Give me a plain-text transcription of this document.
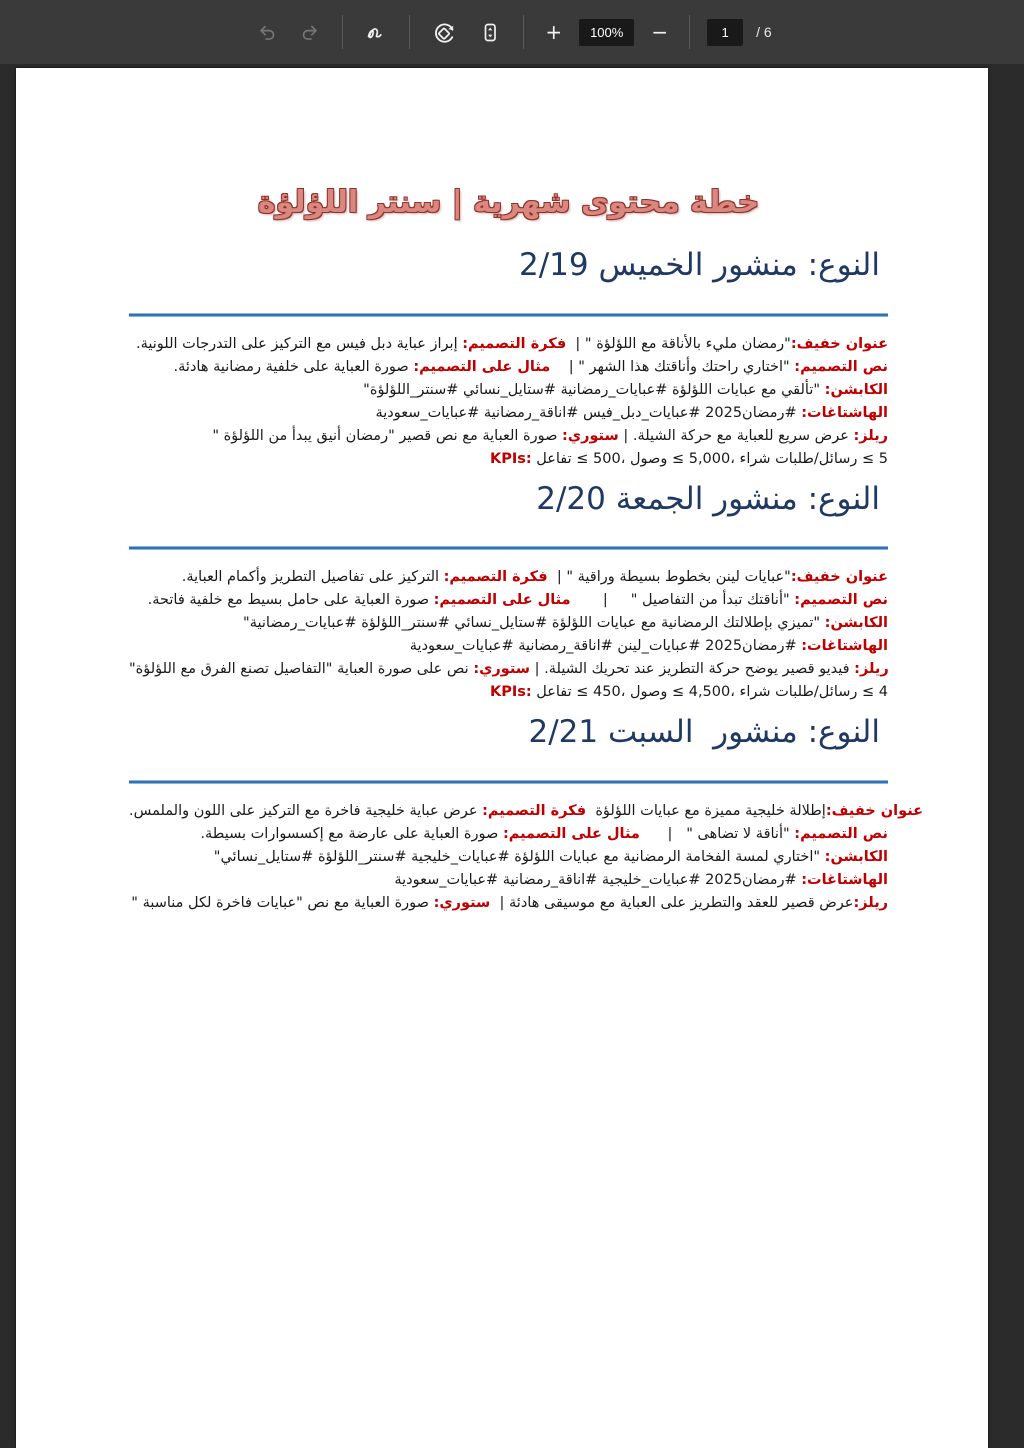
+	100%	−	1	/ 6
خطة محتوى شهرية | سنتر اللؤلؤة
النوع: منشور الخميس 2/19
إبراز عباية دبل فيس مع التركيز على التدرجات اللونية. فكرة التصميم: "رمضان مليء بالأناقة مع اللؤلؤة " | عنوان خفيف:
صورة العباية على خلفية رمضانية هادئة. مثال على التصميم: "اختاري راحتك وأناقتك هذا الشهر " |    نص التصميم:
"تألقي مع عبايات اللؤلؤة #عبايات_رمضانية #ستايل_نسائي #سنتر_اللؤلؤة" الكابشن:
#رمضان2025 #عبايات_دبل_فيس #اناقة_رمضانية #عبايات_سعودية الهاشتاغات:
صورة العباية مع نص قصير "رمضان أنيق يبدأ من اللؤلؤة " ستوري: عرض سريع للعباية مع حركة الشيلة. | ريلز:
KPIs: تفاعل ≤ 500، وصول ≤ 5,000، رسائل/طلبات شراء ≤ 5
النوع: منشور الجمعة 2/20
التركيز على تفاصيل التطريز وأكمام العباية. فكرة التصميم: "عبايات لينن بخطوط بسيطة وراقية " | عنوان خفيف:
صورة العباية على حامل بسيط مع خلفية فاتحة. مثال على التصميم: "أناقتك تبدأ من التفاصيل "     |       نص التصميم:
"تميزي بإطلالتك الرمضانية مع عبايات اللؤلؤة #ستايل_نسائي #سنتر_اللؤلؤة #عبايات_رمضانية" الكابشن:
#رمضان2025 #عبايات_لينن #اناقة_رمضانية #عبايات_سعودية الهاشتاغات:
نص على صورة العباية "التفاصيل تصنع الفرق مع اللؤلؤة" ستوري: فيديو قصير يوضح حركة التطريز عند تحريك الشيلة. | ريلز:
KPIs: تفاعل ≤ 450، وصول ≤ 4,500، رسائل/طلبات شراء ≤ 4
النوع: منشور  السبت 2/21
عرض عباية خليجية فاخرة مع التركيز على اللون والملمس. فكرة التصميم: إطلالة خليجية مميزة مع عبايات اللؤلؤة عنوان خفيف:
صورة العباية على عارضة مع إكسسوارات بسيطة. مثال على التصميم: "أناقة لا تضاهى "   |      نص التصميم:
"اختاري لمسة الفخامة الرمضانية مع عبايات اللؤلؤة #عبايات_خليجية #سنتر_اللؤلؤة #ستايل_نسائي" الكابشن:
#رمضان2025 #عبايات_خليجية #اناقة_رمضانية #عبايات_سعودية الهاشتاغات:
صورة العباية مع نص "عبايات فاخرة لكل مناسبة " ستوري: عرض قصير للعقد والتطريز على العباية مع موسيقى هادئة | ريلز:
